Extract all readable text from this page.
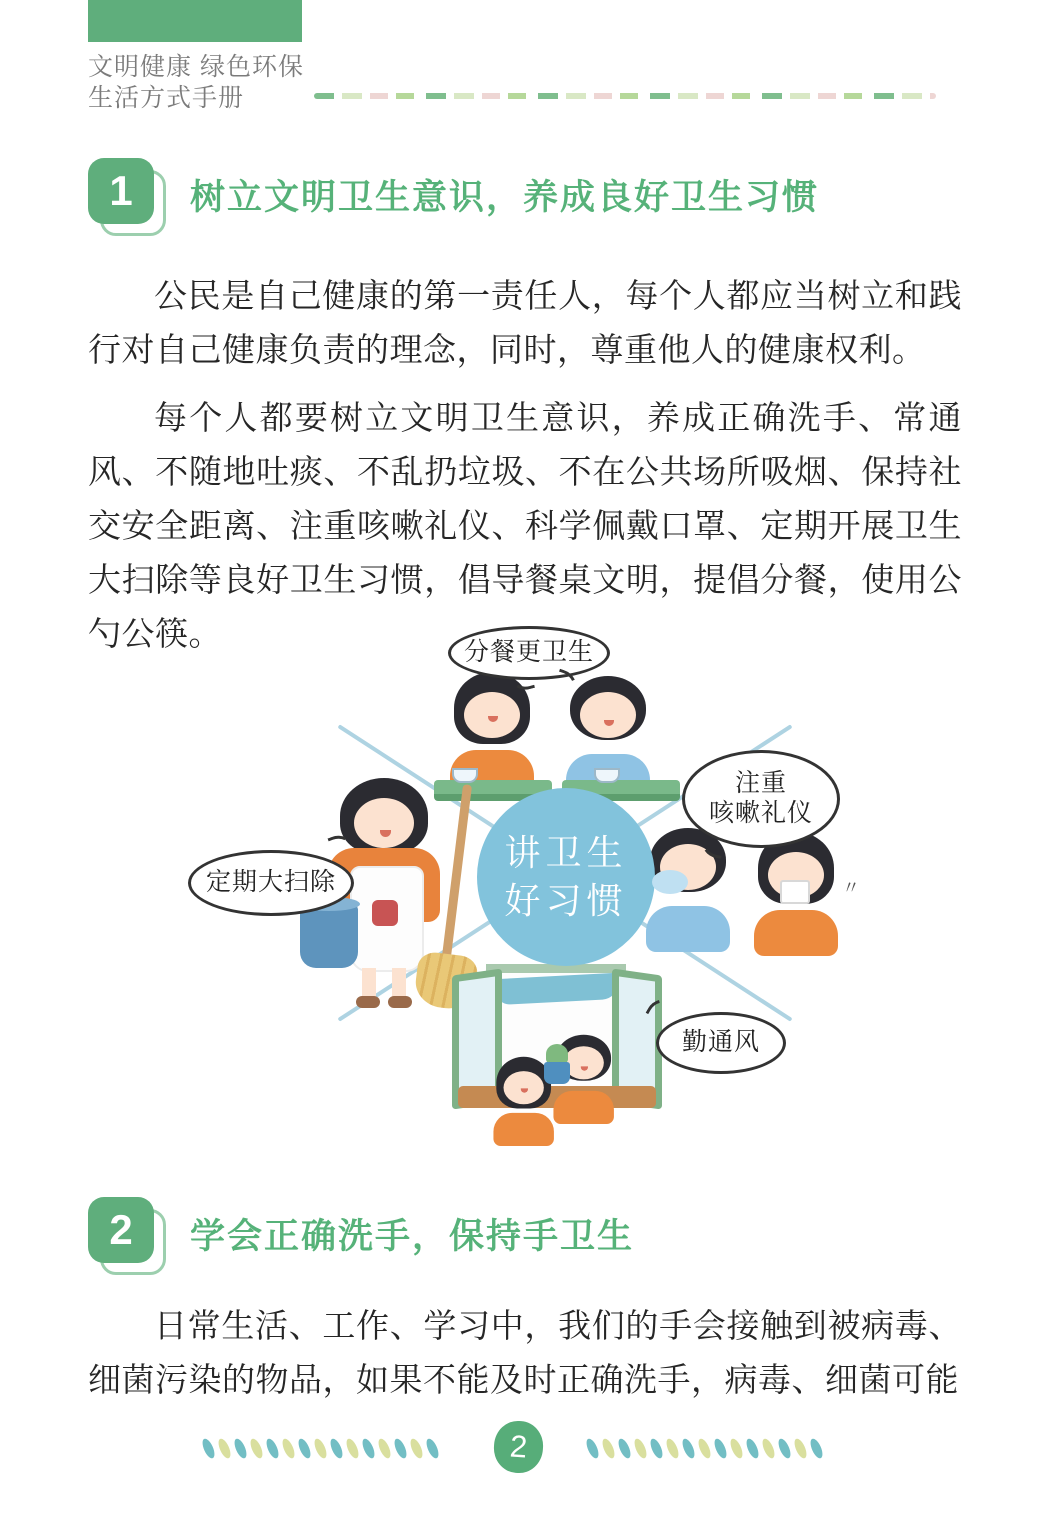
文明健康 绿色环保
生活方式手册
1	树立文明卫生意识，养成良好卫生习惯
公民是自己健康的第一责任人，每个人都应当树立和践行对自己健康负责的理念，同时，尊重他人的健康权利。
每个人都要树立文明卫生意识，养成正确洗手、常通风、不随地吐痰、不乱扔垃圾、不在公共场所吸烟、保持社交安全距离、注重咳嗽礼仪、科学佩戴口罩、定期开展卫生大扫除等良好卫生习惯，倡导餐桌文明，提倡分餐，使用公勺公筷。
讲卫生
好习惯
分餐更卫生
注重
咳嗽礼仪
〃
定期大扫除
勤通风
2	学会正确洗手，保持手卫生
日常生活、工作、学习中，我们的手会接触到被病毒、细菌污染的物品，如果不能及时正确洗手，病毒、细菌可能
2
